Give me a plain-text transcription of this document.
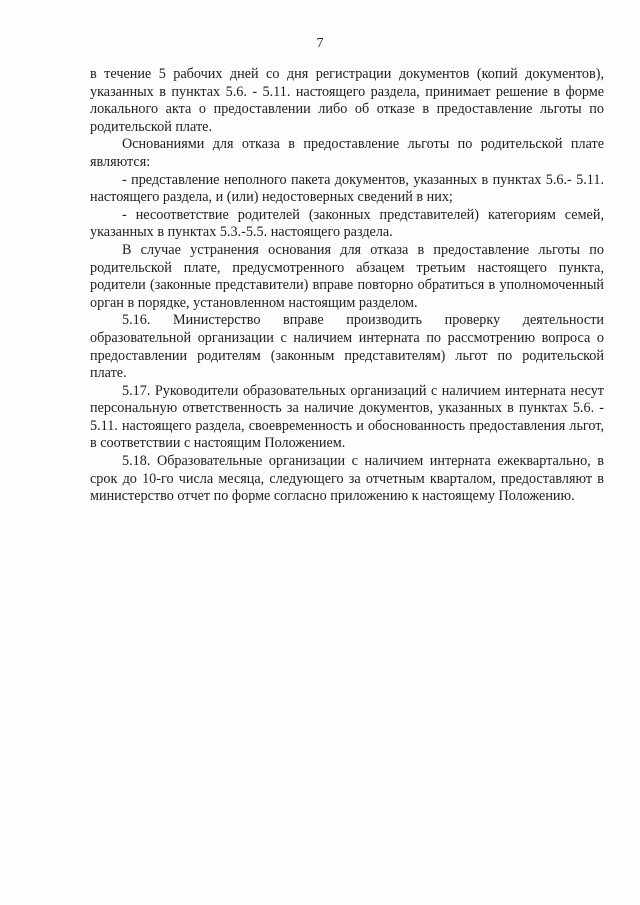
7

в течение 5 рабочих дней со дня регистрации документов (копий документов), указанных в пунктах 5.6. - 5.11. настоящего раздела, принимает решение в форме локального акта о предоставлении либо об отказе в предоставление льготы по родительской плате.

Основаниями для отказа в предоставление льготы по родительской плате являются:

- представление неполного пакета документов, указанных в пунктах 5.6.- 5.11. настоящего раздела, и (или) недостоверных сведений в них;

- несоответствие родителей (законных представителей) категориям семей, указанных в пунктах 5.3.-5.5. настоящего раздела.

В случае устранения основания для отказа в предоставление льготы по родительской плате, предусмотренного абзацем третьим настоящего пункта, родители (законные представители) вправе повторно обратиться в уполномоченный орган в порядке, установленном настоящим разделом.

5.16. Министерство вправе производить проверку деятельности образовательной организации с наличием интерната по рассмотрению вопроса о предоставлении родителям (законным представителям) льгот по родительской плате.

5.17. Руководители образовательных организаций с наличием интерната несут персональную ответственность за наличие документов, указанных в пунктах 5.6. - 5.11. настоящего раздела, своевременность и обоснованность предоставления льгот, в соответствии с настоящим Положением.

5.18. Образовательные организации с наличием интерната ежеквартально, в срок до 10-го числа месяца, следующего за отчетным кварталом, предоставляют в министерство отчет по форме согласно приложению к настоящему Положению.
